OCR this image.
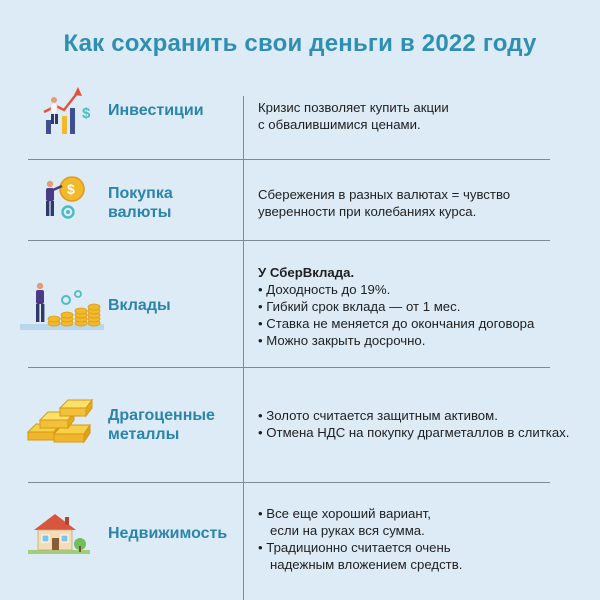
Как сохранить свои деньги в 2022 году
$ Инвестиции	Кризис позволяет купить акции

с обвалившимися ценами.

$ Покупка
валюты

Сбережения в разных валютах = чувство

уверенности при колебаниях курса.

Вклады

У СберВклада.

• Доходность до 19%.

• Гибкий срок вклада — от 1 мес.

• Ставка не меняется до окончания договора

• Можно закрыть досрочно.

Драгоценные
металлы

• Золото считается защитным активом.

• Отмена НДС на покупку драгметаллов в слитках.

Недвижимость

• Все еще хороший вариант,

если на руках вся сумма.

• Традиционно считается очень

надежным вложением средств.
